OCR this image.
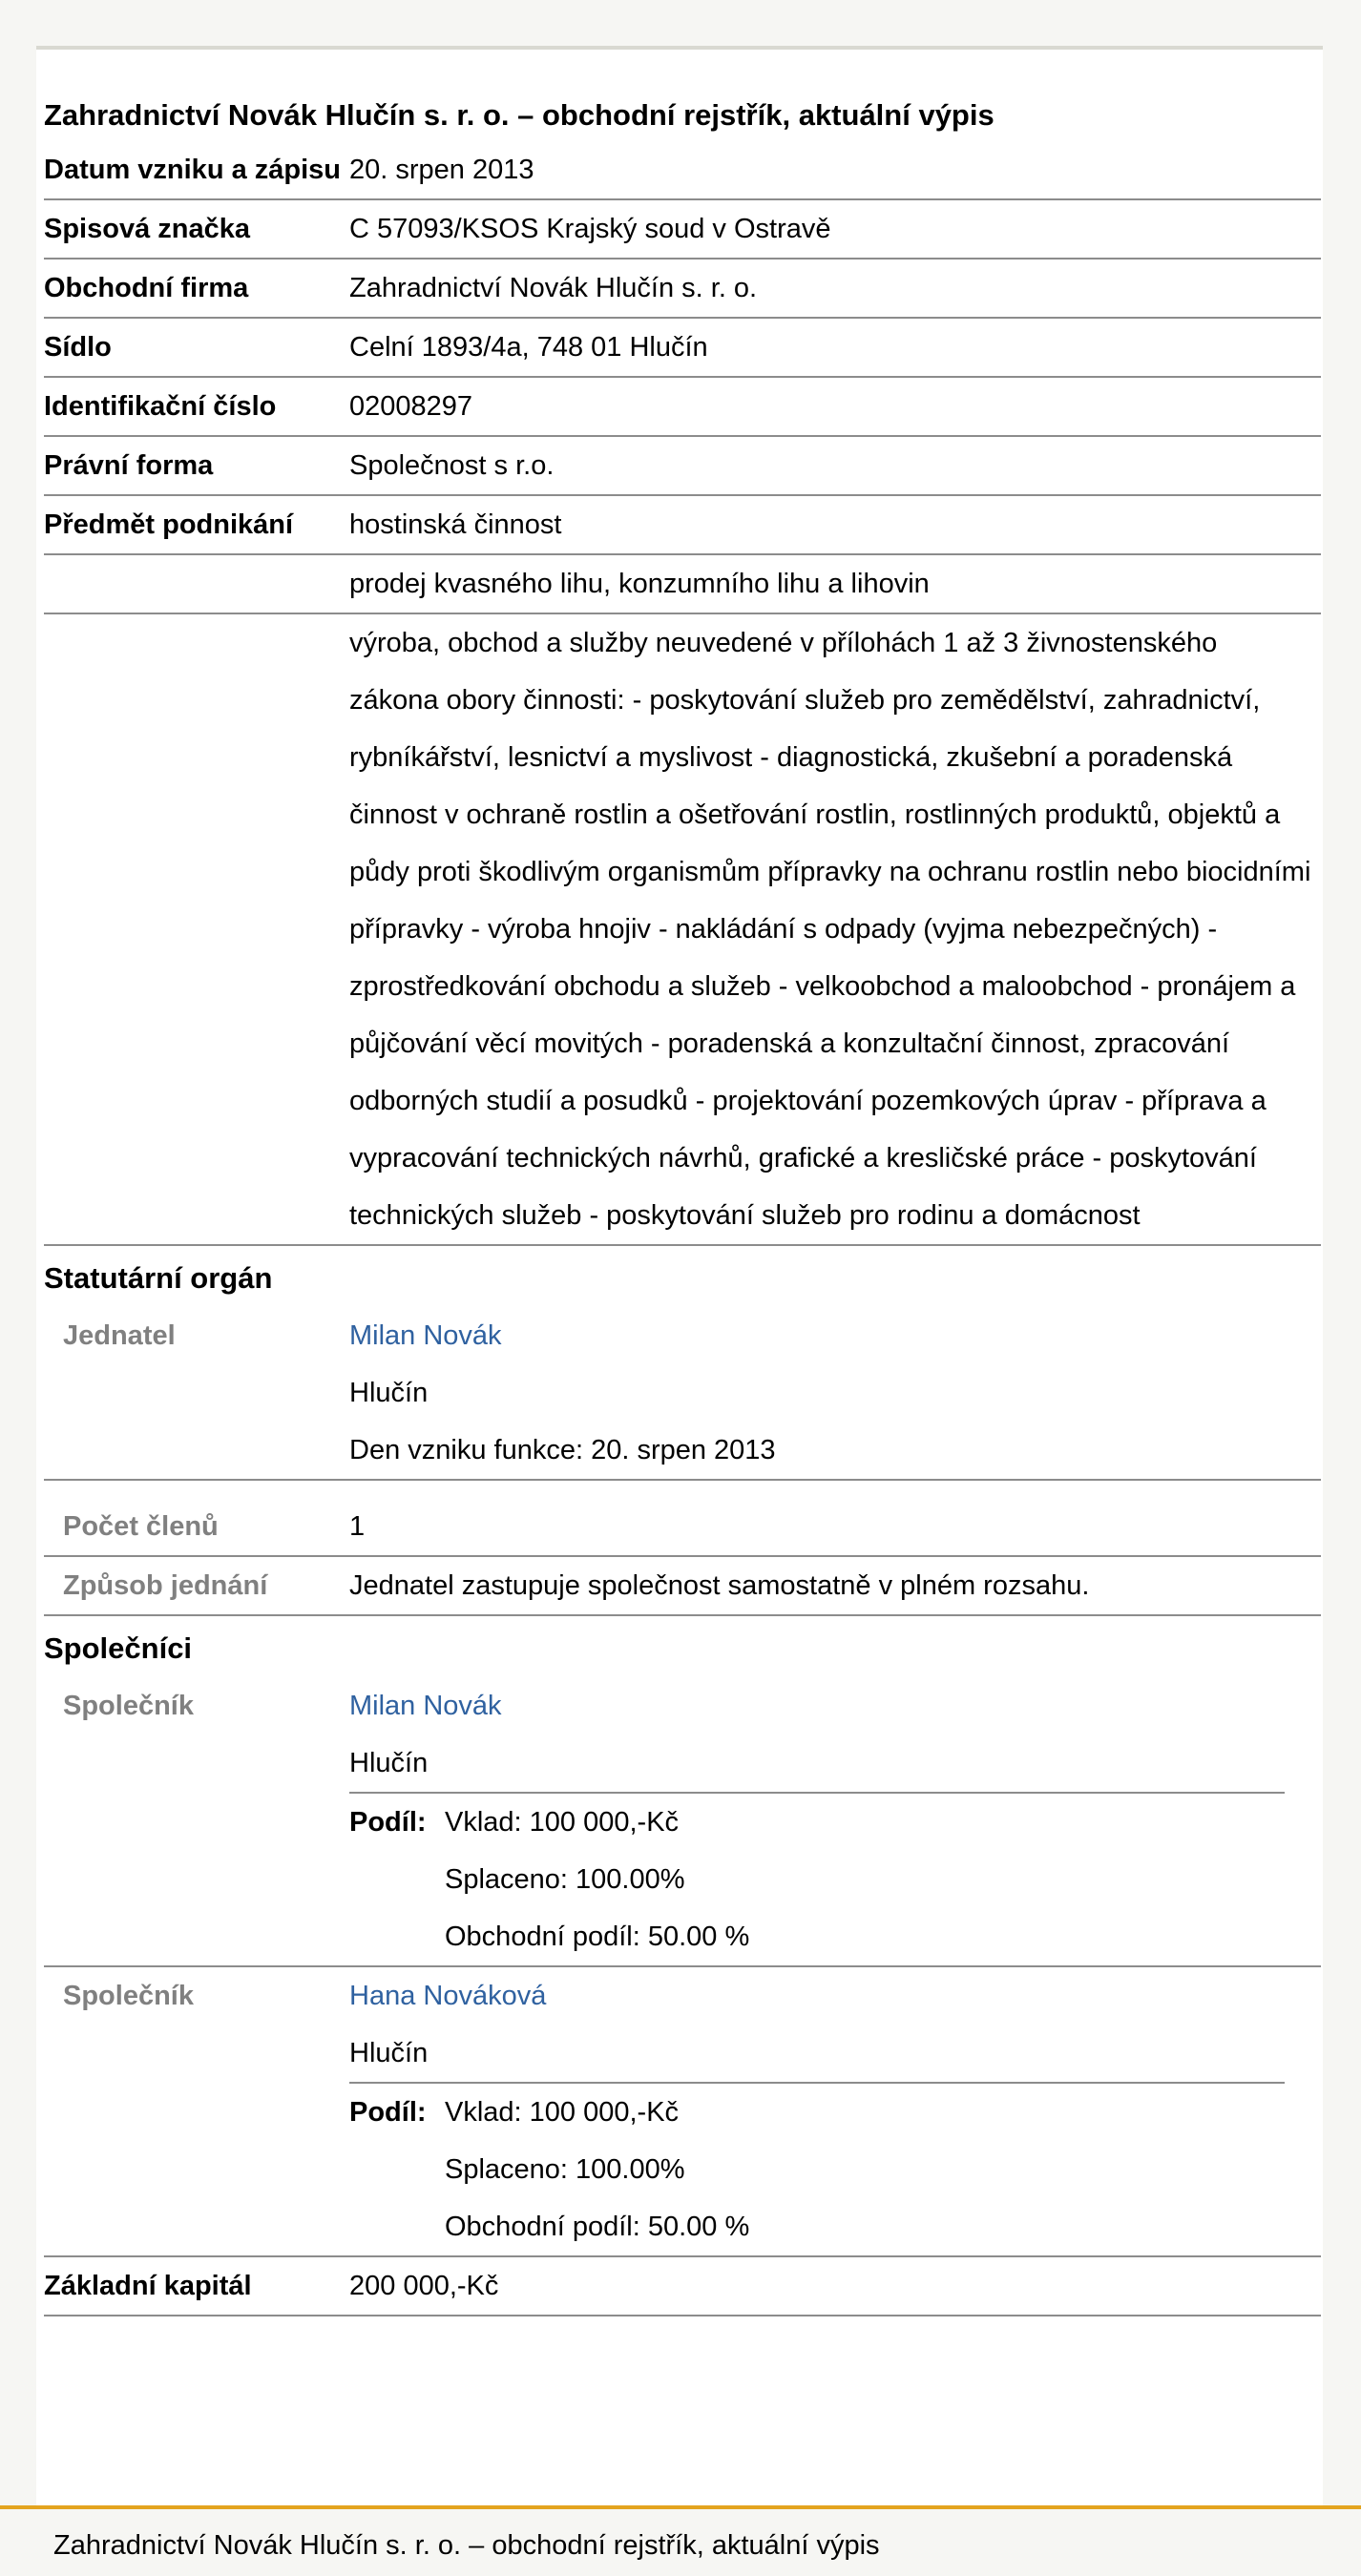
Zahradnictví Novák Hlučín s. r. o. – obchodní rejstřík, aktuální výpis
Datum vzniku a zápisu 20. srpen 2013
Spisová značka	C 57093/KSOS Krajský soud v Ostravě
Obchodní firma	Zahradnictví Novák Hlučín s. r. o.
Sídlo	Celní 1893/4a, 748 01 Hlučín
Identifikační číslo	02008297
Právní forma	Společnost s r.o.
Předmět podnikání	hostinská činnost
prodej kvasného lihu, konzumního lihu a lihovin
výroba, obchod a služby neuvedené v přílohách 1 až 3 živnostenského zákona obory činnosti: - poskytování služeb pro zemědělství, zahradnictví, rybníkářství, lesnictví a myslivost - diagnostická, zkušební a poradenská činnost v ochraně rostlin a ošetřování rostlin, rostlinných produktů, objektů a půdy proti škodlivým organismům přípravky na ochranu rostlin nebo biocidními přípravky - výroba hnojiv - nakládání s odpady (vyjma nebezpečných) - zprostředkování obchodu a služeb - velkoobchod a maloobchod - pronájem a půjčování věcí movitých - poradenská a konzultační činnost, zpracování odborných studií a posudků - projektování pozemkových úprav - příprava a vypracování technických návrhů, grafické a kresličské práce - poskytování technických služeb - poskytování služeb pro rodinu a domácnost
Statutární orgán
Jednatel	Milan Novák
Hlučín
Den vzniku funkce: 20. srpen 2013
Počet členů	1
Způsob jednání	Jednatel zastupuje společnost samostatně v plném rozsahu.
Společníci
Společník	Milan Novák
Hlučín
Podíl: Vklad: 100 000,-Kč
Splaceno: 100.00%
Obchodní podíl: 50.00 %
Společník	Hana Nováková
Hlučín
Podíl: Vklad: 100 000,-Kč
Splaceno: 100.00%
Obchodní podíl: 50.00 %
Základní kapitál	200 000,-Kč
Zahradnictví Novák Hlučín s. r. o. – obchodní rejstřík, aktuální výpis
